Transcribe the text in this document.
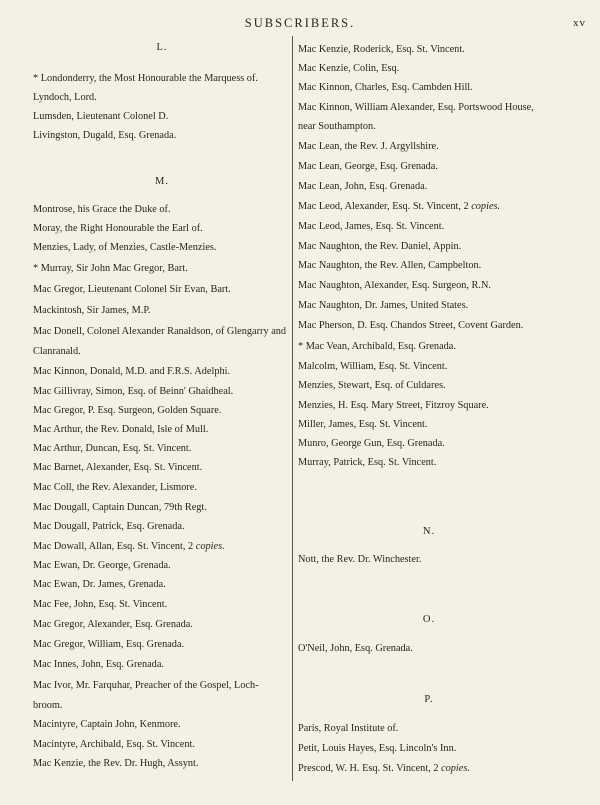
SUBSCRIBERS.	xv
L.
* Londonderry, the Most Honourable the Marquess of.
Lyndoch, Lord.
Lumsden, Lieutenant Colonel D.
Livingston, Dugald, Esq. Grenada.
M.
Montrose, his Grace the Duke of.
Moray, the Right Honourable the Earl of.
Menzies, Lady, of Menzies, Castle-Menzies.
* Murray, Sir John Mac Gregor, Bart.
Mac Gregor, Lieutenant Colonel Sir Evan, Bart.
Mackintosh, Sir James, M.P.
Mac Donell, Colonel Alexander Ranaldson, of Glengarry and
Clanranald.
Mac Kinnon, Donald, M.D. and F.R.S. Adelphi.
Mac Gillivray, Simon, Esq. of Beinn' Ghaidheal.
Mac Gregor, P. Esq. Surgeon, Golden Square.
Mac Arthur, the Rev. Donald, Isle of Mull.
Mac Arthur, Duncan, Esq. St. Vincent.
Mac Barnet, Alexander, Esq. St. Vincent.
Mac Coll, the Rev. Alexander, Lismore.
Mac Dougall, Captain Duncan, 79th Regt.
Mac Dougall, Patrick, Esq. Grenada.
Mac Dowall, Allan, Esq. St. Vincent, 2 copies.
Mac Ewan, Dr. George, Grenada.
Mac Ewan, Dr. James, Grenada.
Mac Fee, John, Esq. St. Vincent.
Mac Gregor, Alexander, Esq. Grenada.
Mac Gregor, William, Esq. Grenada.
Mac Innes, John, Esq. Grenada.
Mac Ivor, Mr. Farquhar, Preacher of the Gospel, Loch-
broom.
Macintyre, Captain John, Kenmore.
Macintyre, Archibald, Esq. St. Vincent.
Mac Kenzie, the Rev. Dr. Hugh, Assynt.
Mac Kenzie, Roderick, Esq. St. Vincent.
Mac Kenzie, Colin, Esq.
Mac Kinnon, Charles, Esq. Cambden Hill.
Mac Kinnon, William Alexander, Esq. Portswood House,
near Southampton.
Mac Lean, the Rev. J. Argyllshire.
Mac Lean, George, Esq. Grenada.
Mac Lean, John, Esq. Grenada.
Mac Leod, Alexander, Esq. St. Vincent, 2 copies.
Mac Leod, James, Esq. St. Vincent.
Mac Naughton, the Rev. Daniel, Appin.
Mac Naughton, the Rev. Allen, Campbelton.
Mac Naughton, Alexander, Esq. Surgeon, R.N.
Mac Naughton, Dr. James, United States.
Mac Pherson, D. Esq. Chandos Street, Covent Garden.
* Mac Vean, Archibald, Esq. Grenada.
Malcolm, William, Esq. St. Vincent.
Menzies, Stewart, Esq. of Culdares.
Menzies, H. Esq. Mary Street, Fitzroy Square.
Miller, James, Esq. St. Vincent.
Munro, George Gun, Esq. Grenada.
Murray, Patrick, Esq. St. Vincent.
N.
Nott, the Rev. Dr. Winchester.
O.
O'Neil, John, Esq. Grenada.
P.
Paris, Royal Institute of.
Petit, Louis Hayes, Esq. Lincoln's Inn.
Prescod, W. H. Esq. St. Vincent, 2 copies.
